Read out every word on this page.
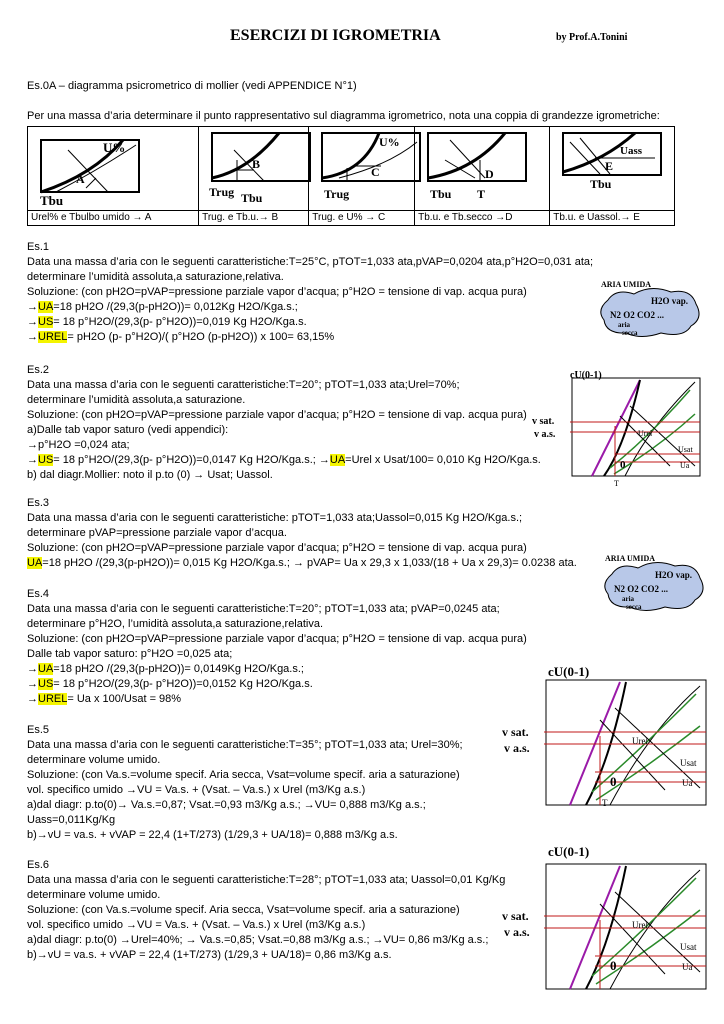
ESERCIZI DI IGROMETRIA	by Prof.A.Tonini
Es.0A – diagramma psicrometrico di mollier (vedi APPENDICE N°1)
Per una massa d’aria determinare il punto rappresentativo sul diagramma igrometrico, nota una coppia di grandezze igrometriche:
U%
A
Tbu	B
Trug Tbu	U%
C
Trug	D
Tbu T	Uass
E
Tbu

Urel% e Tbulbo umido → A	Trug. e Tb.u.→ B	Trug. e U% → C	Tb.u. e Tb.secco →D	Tb.u. e Uassol.→ E
Es.1
Data una massa d’aria con le seguenti caratteristiche:T=25°C, pTOT=1,033 ata,pVAP=0,0204 ata,p°H2O=0,031 ata;
determinare l’umidità assoluta,a saturazione,relativa.
Soluzione: (con pH2O=pVAP=pressione parziale vapor d’acqua; p°H2O = tensione di vap. acqua pura)
→UA=18 pH2O /(29,3(p-pH2O))= 0,012Kg H2O/Kga.s.;
→US= 18 p°H2O/(29,3(p- p°H2O))=0,019 Kg H2O/Kga.s.
→UREL= pH2O (p- p°H2O)/( p°H2O (p-pH2O)) x 100= 63,15%
ARIA UMIDA
H2O vap.
N2 O2 CO2 ...
aria
secca
Es.2
Data una massa d’aria con le seguenti caratteristiche:T=20°; pTOT=1,033 ata;Urel=70%;
determinare l’umidità assoluta,a saturazione.
Soluzione: (con pH2O=pVAP=pressione parziale vapor d’acqua; p°H2O = tensione di vap. acqua pura)
a)Dalle tab vapor saturo (vedi appendici):
→p°H2O =0,024 ata;
→US= 18 p°H2O/(29,3(p- p°H2O))=0,0147 Kg H2O/Kga.s.; →UA=Urel x Usat/100= 0,010 Kg H2O/Kga.s.
b) dal diagr.Mollier: noto il p.to (0) → Usat; Uassol.
cU(0-1)
v sat.
v a.s.	Urel
Usat
Ua
0
T
Es.3
Data una massa d’aria con le seguenti caratteristiche: pTOT=1,033 ata;Uassol=0,015 Kg H2O/Kga.s.;
determinare pVAP=pressione parziale vapor d’acqua.
Soluzione: (con pH2O=pVAP=pressione parziale vapor d’acqua; p°H2O = tensione di vap. acqua pura)
UA=18 pH2O /(29,3(p-pH2O))= 0,015 Kg H2O/Kga.s.; → pVAP= Ua x 29,3 x 1,033/(18 + Ua x 29,3)= 0.0238 ata.	ARIA UMIDA
H2O vap.
N2 O2 CO2 ...
aria
secca
Es.4
Data una massa d’aria con le seguenti caratteristiche:T=20°; pTOT=1,033 ata; pVAP=0,0245 ata;
determinare p°H2O, l’umidità assoluta,a saturazione,relativa.
Soluzione: (con pH2O=pVAP=pressione parziale vapor d’acqua; p°H2O = tensione di vap. acqua pura)
Dalle tab vapor saturo: p°H2O =0,025 ata;
→UA=18 pH2O /(29,3(p-pH2O))= 0,0149Kg H2O/Kga.s.;
→US= 18 p°H2O/(29,3(p- p°H2O))=0,0152 Kg H2O/Kga.s.
→UREL= Ua x 100/Usat = 98%
cU(0-1)
v sat.
v a.s.	Urel
Usat
Ua
0
T
Es.5
Data una massa d’aria con le seguenti caratteristiche:T=35°; pTOT=1,033 ata; Urel=30%;
determinare volume umido.
Soluzione: (con Va.s.=volume specif. Aria secca, Vsat=volume specif. aria a saturazione)
vol. specifico umido →VU = Va.s. + (Vsat. – Va.s.) x Urel (m3/Kg a.s.)
a)dal diagr: p.to(0)→ Va.s.=0,87; Vsat.=0,93 m3/Kg a.s.; →VU= 0,888 m3/Kg a.s.;
Uass=0,011Kg/Kg
b)→vU = va.s. + vVAP = 22,4 (1+T/273) (1/29,3 + UA/18)= 0,888 m3/Kg a.s.
Es.6
Data una massa d’aria con le seguenti caratteristiche:T=28°; pTOT=1,033 ata; Uassol=0,01 Kg/Kg
determinare volume umido.
Soluzione: (con Va.s.=volume specif. Aria secca, Vsat=volume specif. aria a saturazione)
vol. specifico umido →VU = Va.s. + (Vsat. – Va.s.) x Urel (m3/Kg a.s.)
a)dal diagr: p.to(0) →Urel=40%; → Va.s.=0,85; Vsat.=0,88 m3/Kg a.s.; →VU= 0,86 m3/Kg a.s.;
b)→vU = va.s. + vVAP = 22,4 (1+T/273) (1/29,3 + UA/18)= 0,86 m3/Kg a.s.
cU(0-1)
v sat.
v a.s.	Urel
Usat
Ua
0
